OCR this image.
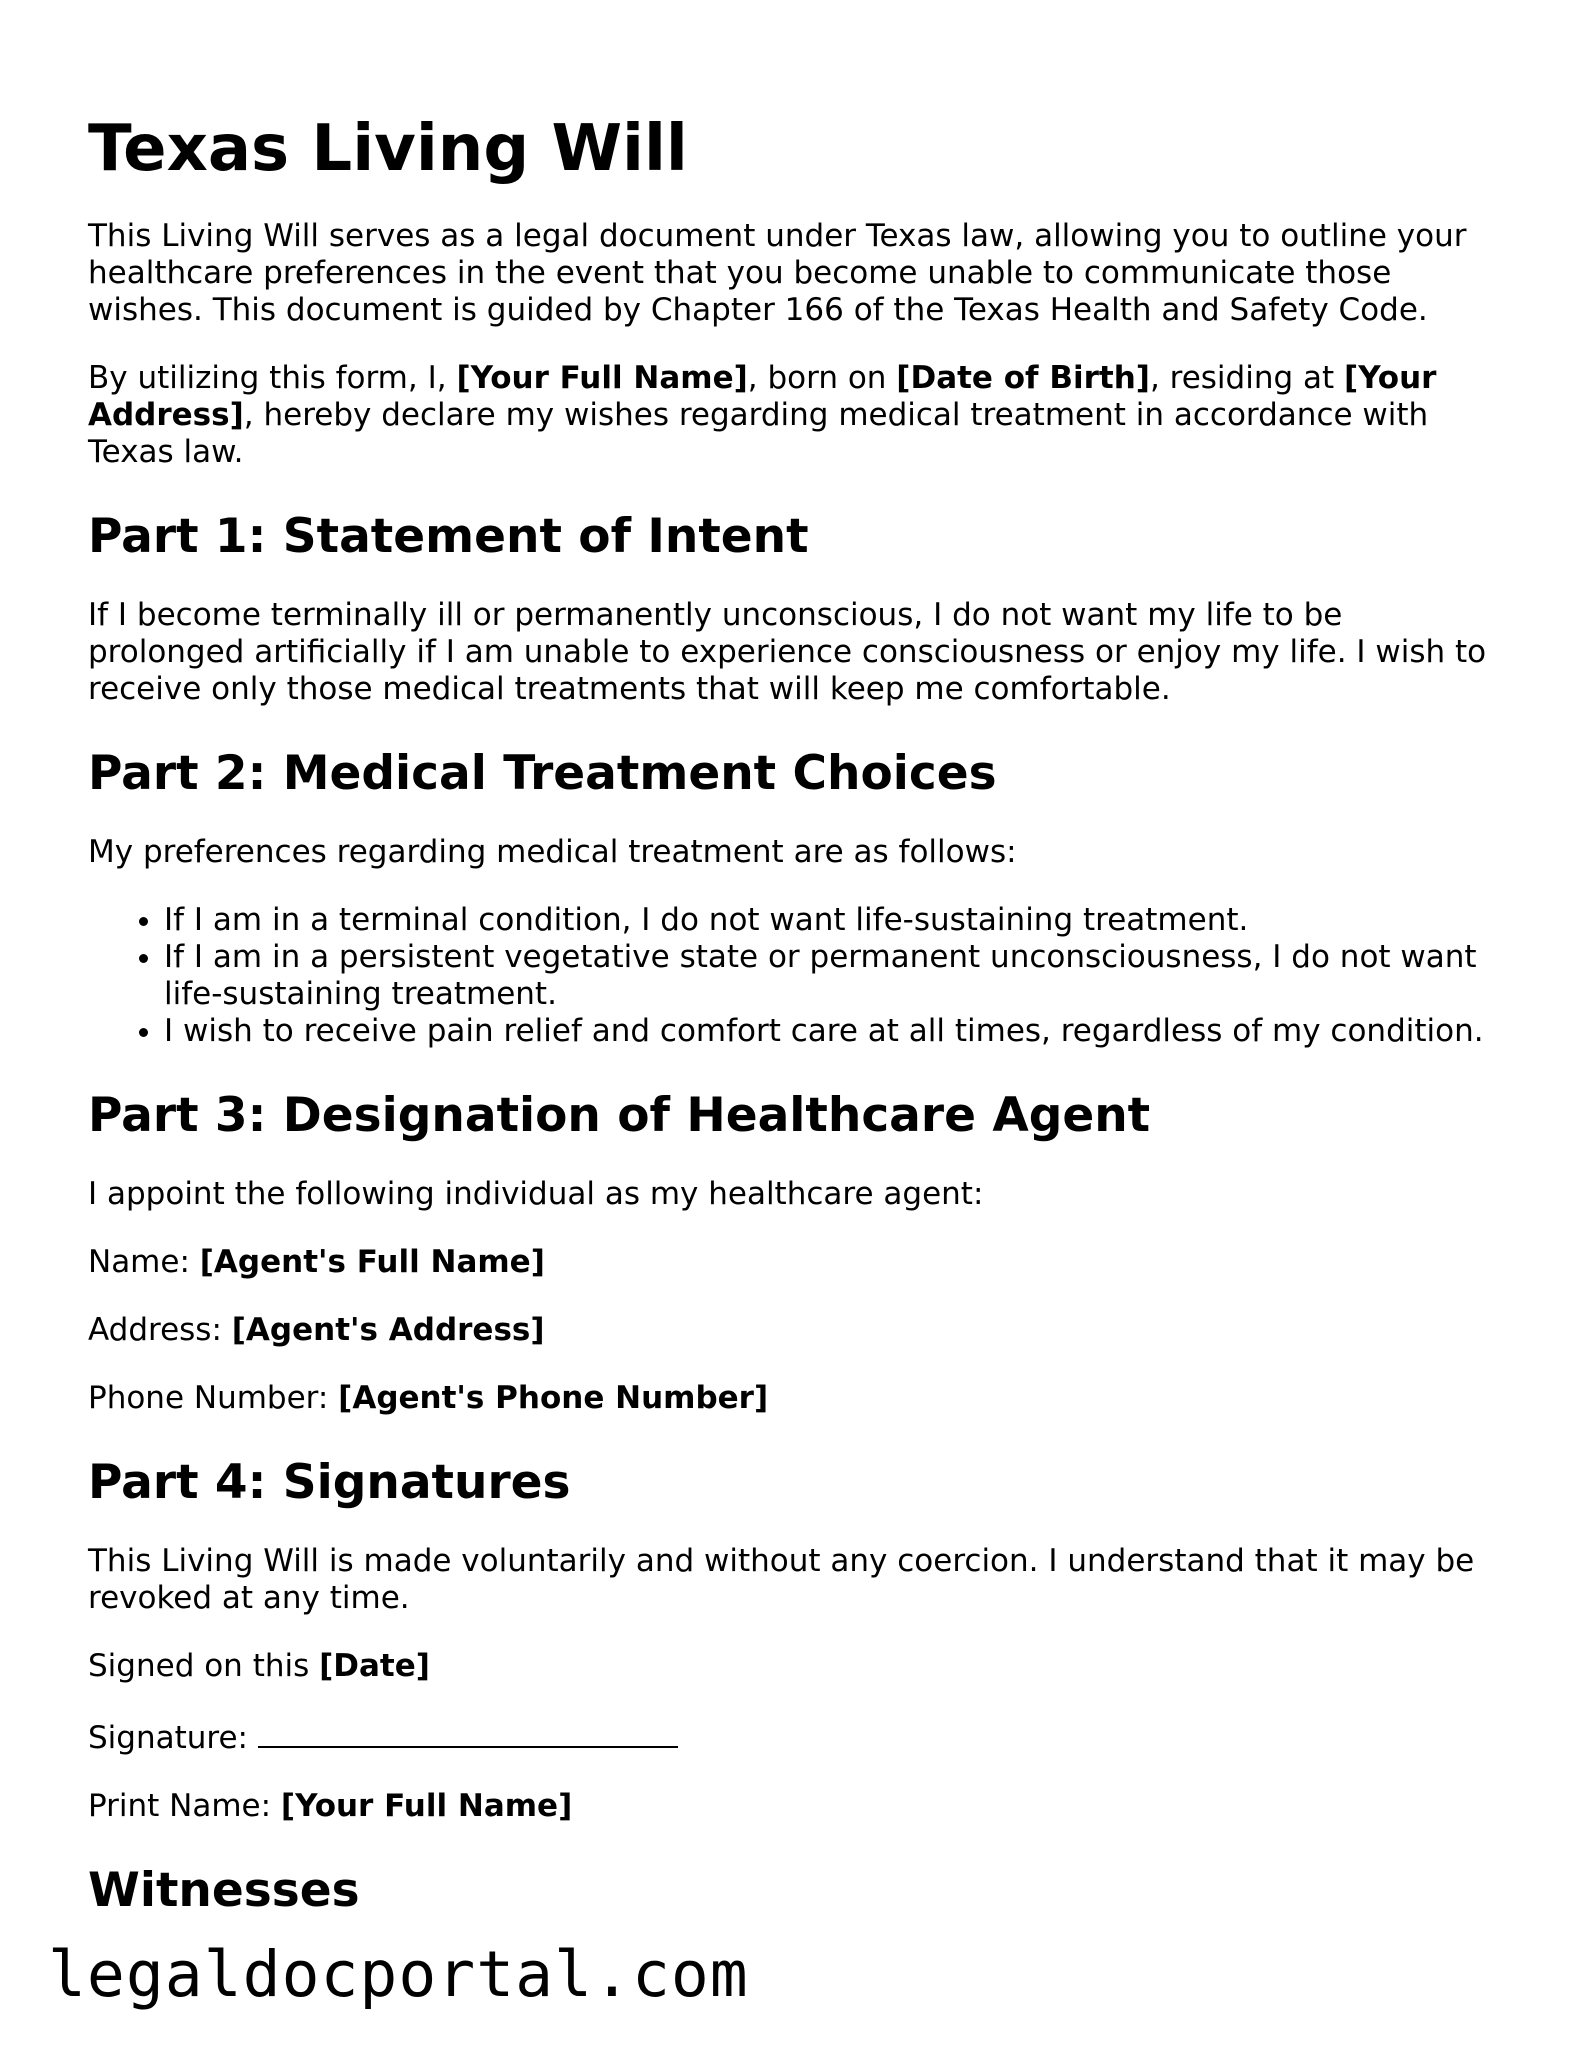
Texas Living Will

This Living Will serves as a legal document under Texas law, allowing you to outline your healthcare preferences in the event that you become unable to communicate those wishes. This document is guided by Chapter 166 of the Texas Health and Safety Code.

By utilizing this form, I, [Your Full Name], born on [Date of Birth], residing at [Your Address], hereby declare my wishes regarding medical treatment in accordance with Texas law.

Part 1: Statement of Intent

If I become terminally ill or permanently unconscious, I do not want my life to be prolonged artificially if I am unable to experience consciousness or enjoy my life. I wish to receive only those medical treatments that will keep me comfortable.

Part 2: Medical Treatment Choices

My preferences regarding medical treatment are as follows:

• If I am in a terminal condition, I do not want life-sustaining treatment.
• If I am in a persistent vegetative state or permanent unconsciousness, I do not want life-sustaining treatment.
• I wish to receive pain relief and comfort care at all times, regardless of my condition.
Part 3: Designation of Healthcare Agent

I appoint the following individual as my healthcare agent:

Name: [Agent's Full Name]

Address: [Agent's Address]

Phone Number: [Agent's Phone Number]

Part 4: Signatures

This Living Will is made voluntarily and without any coercion. I understand that it may be revoked at any time.

Signed on this [Date]

Signature:

Print Name: [Your Full Name]

Witnesses
legaldocportal.com
